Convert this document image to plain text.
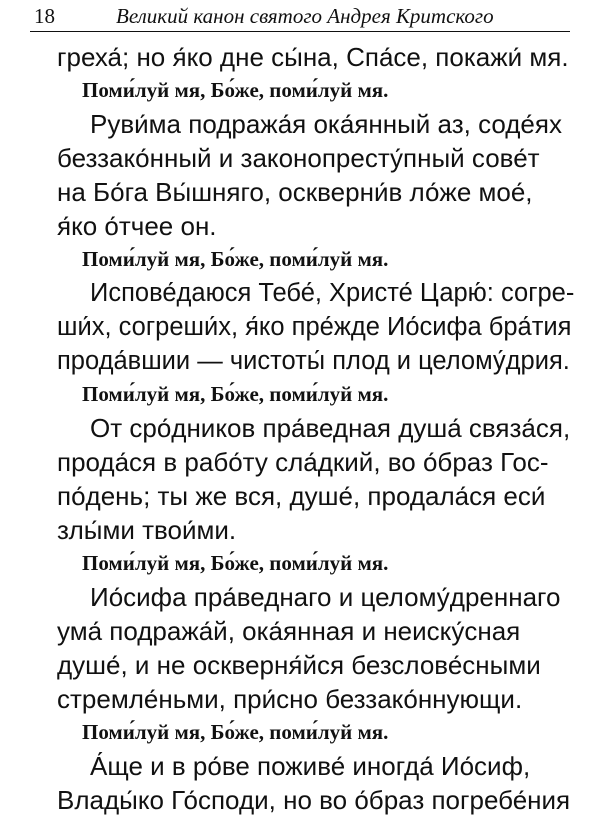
18	Великий канон святого Андрея Критского
греха́; но я́ко дне сы́на, Спа́се, покажи́ мя.
Поми́луй мя, Бо́же, поми́луй мя.
Руви́ма подража́я ока́янный аз, соде́ях
беззако́нный и законопресту́пный сове́т
на Бо́га Вы́шняго, оскверни́в ло́же мое́,
я́ко о́тчее он.
Поми́луй мя, Бо́же, поми́луй мя.
Испове́даюся Тебе́, Христе́ Царю́: согре-
ши́х, согреши́х, я́ко пре́жде Ио́сифа бра́тия
прода́вшии — чистоты́ плод и целому́дрия.
Поми́луй мя, Бо́же, поми́луй мя.
От сро́дников пра́ведная душа́ связа́ся,
прода́ся в рабо́ту сла́дкий, во о́браз Гос-
по́день; ты же вся, душе́, продала́ся еси́
злы́ми твои́ми.
Поми́луй мя, Бо́же, поми́луй мя.
Ио́сифа пра́веднаго и целому́дреннаго
ума́ подража́й, ока́янная и неиску́сная
душе́, и не оскверня́йся безслове́сными
стремле́ньми, при́сно беззако́ннующи.
Поми́луй мя, Бо́же, поми́луй мя.
А́ще и в ро́ве поживе́ иногда́ Ио́сиф,
Влады́ко Го́споди, но во о́браз погребе́ния
